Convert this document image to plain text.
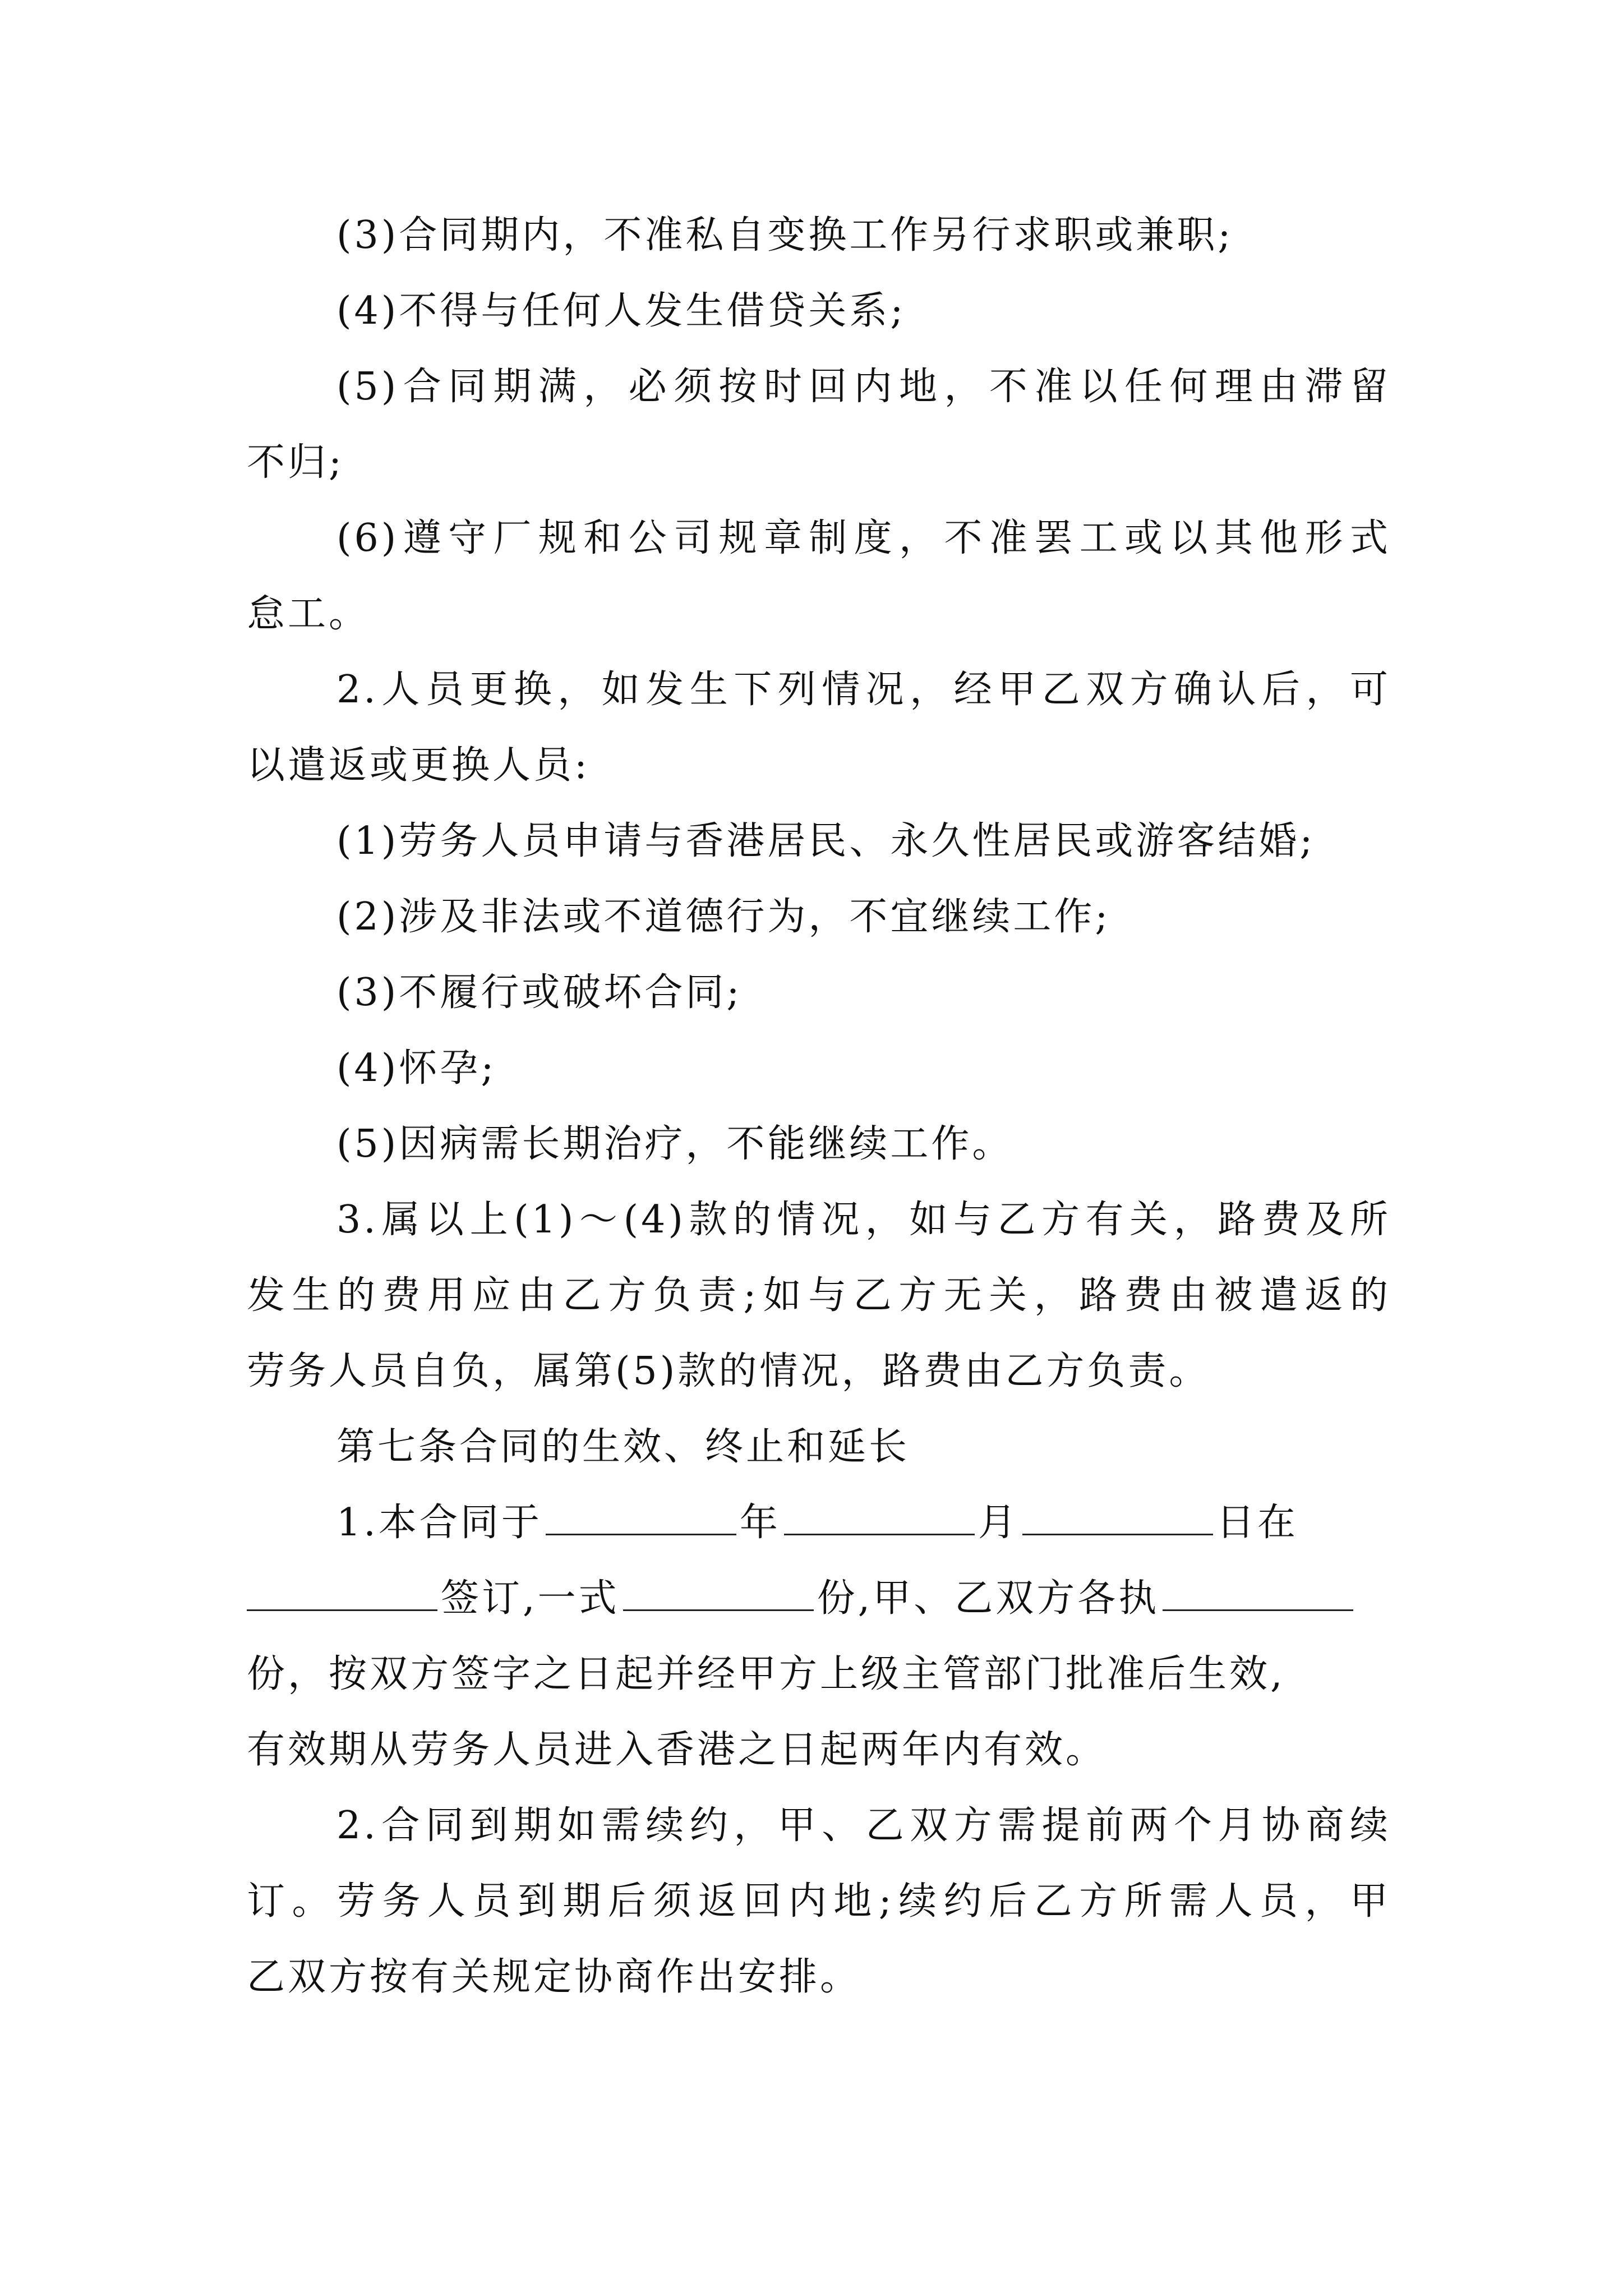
(3)合同期内，不准私自变换工作另行求职或兼职;
(4)不得与任何人发生借贷关系;
(5)合同期满，必须按时回内地，不准以任何理由滞留
不归;
(6)遵守厂规和公司规章制度，不准罢工或以其他形式
怠工。
2.人员更换，如发生下列情况，经甲乙双方确认后，可
以遣返或更换人员:
(1)劳务人员申请与香港居民、永久性居民或游客结婚;
(2)涉及非法或不道德行为，不宜继续工作;
(3)不履行或破坏合同;
(4)怀孕;
(5)因病需长期治疗，不能继续工作。
3.属以上(1)～(4)款的情况，如与乙方有关，路费及所
发生的费用应由乙方负责;如与乙方无关，路费由被遣返的
劳务人员自负，属第(5)款的情况，路费由乙方负责。
第七条合同的生效、终止和延长
1.本合同于	年	月	日在
签订,一式	份,甲、乙双方各执
份，按双方签字之日起并经甲方上级主管部门批准后生效,
有效期从劳务人员进入香港之日起两年内有效。
2.合同到期如需续约，甲、乙双方需提前两个月协商续
订。劳务人员到期后须返回内地;续约后乙方所需人员，甲
乙双方按有关规定协商作出安排。
